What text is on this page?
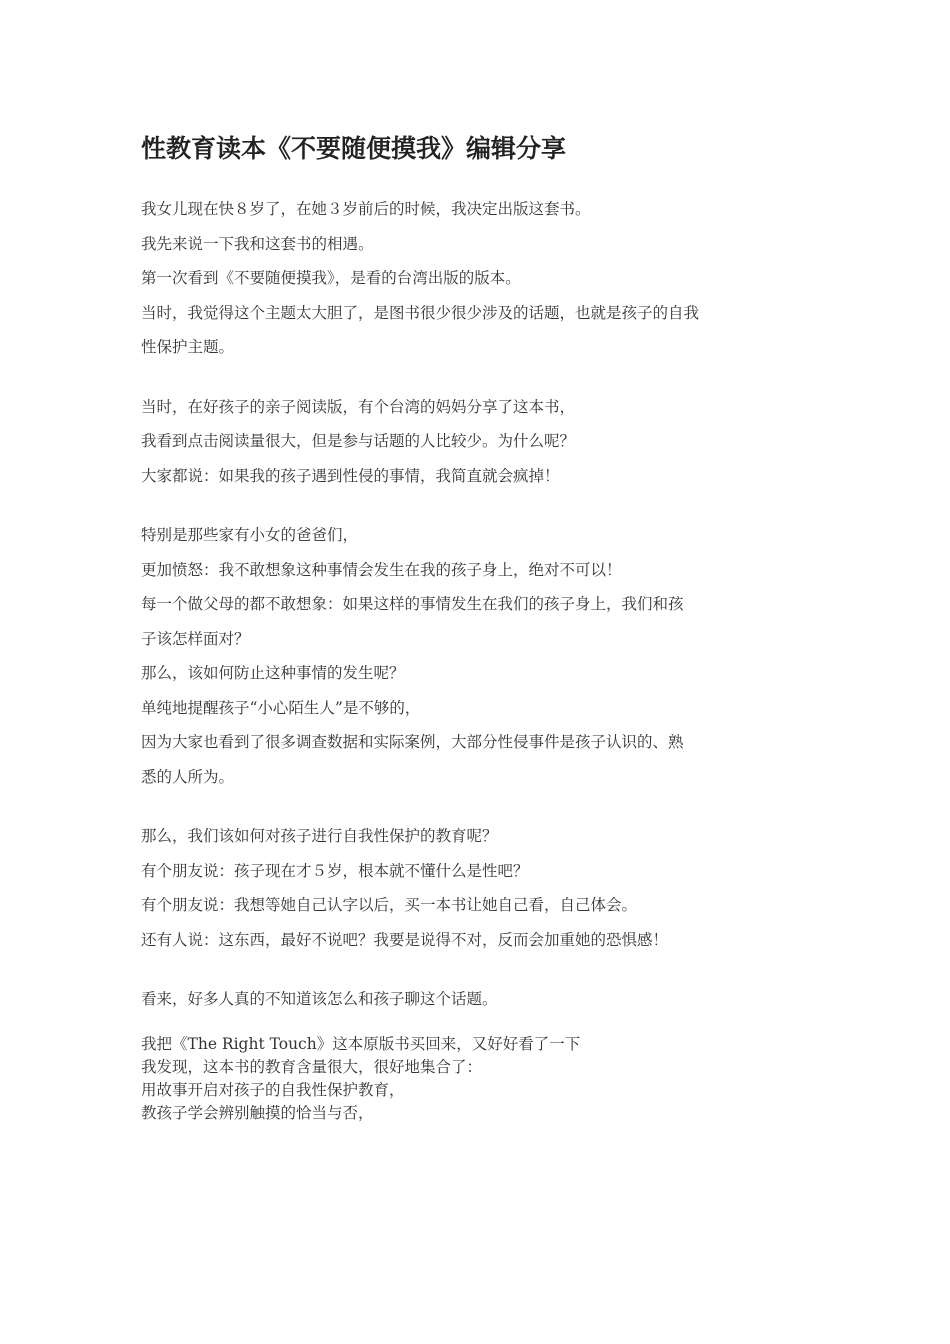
性教育读本《不要随便摸我》编辑分享
我女儿现在快８岁了，在她３岁前后的时候，我决定出版这套书。
我先来说一下我和这套书的相遇。
第一次看到《不要随便摸我》，是看的台湾出版的版本。
当时，我觉得这个主题太大胆了，是图书很少很少涉及的话题，也就是孩子的自我
性保护主题。
当时，在好孩子的亲子阅读版，有个台湾的妈妈分享了这本书，
我看到点击阅读量很大，但是参与话题的人比较少。为什么呢？
大家都说：如果我的孩子遇到性侵的事情，我简直就会疯掉！
特别是那些家有小女的爸爸们，
更加愤怒：我不敢想象这种事情会发生在我的孩子身上，绝对不可以！
每一个做父母的都不敢想象：如果这样的事情发生在我们的孩子身上，我们和孩
子该怎样面对？
那么，该如何防止这种事情的发生呢？
单纯地提醒孩子“小心陌生人”是不够的，
因为大家也看到了很多调查数据和实际案例，大部分性侵事件是孩子认识的、熟
悉的人所为。
那么，我们该如何对孩子进行自我性保护的教育呢？
有个朋友说：孩子现在才５岁，根本就不懂什么是性吧？
有个朋友说：我想等她自己认字以后，买一本书让她自己看，自己体会。
还有人说：这东西，最好不说吧？我要是说得不对，反而会加重她的恐惧感！
看来，好多人真的不知道该怎么和孩子聊这个话题。
我把《The Right Touch》这本原版书买回来，又好好看了一下
我发现，这本书的教育含量很大，很好地集合了：
用故事开启对孩子的自我性保护教育，
教孩子学会辨别触摸的恰当与否，
